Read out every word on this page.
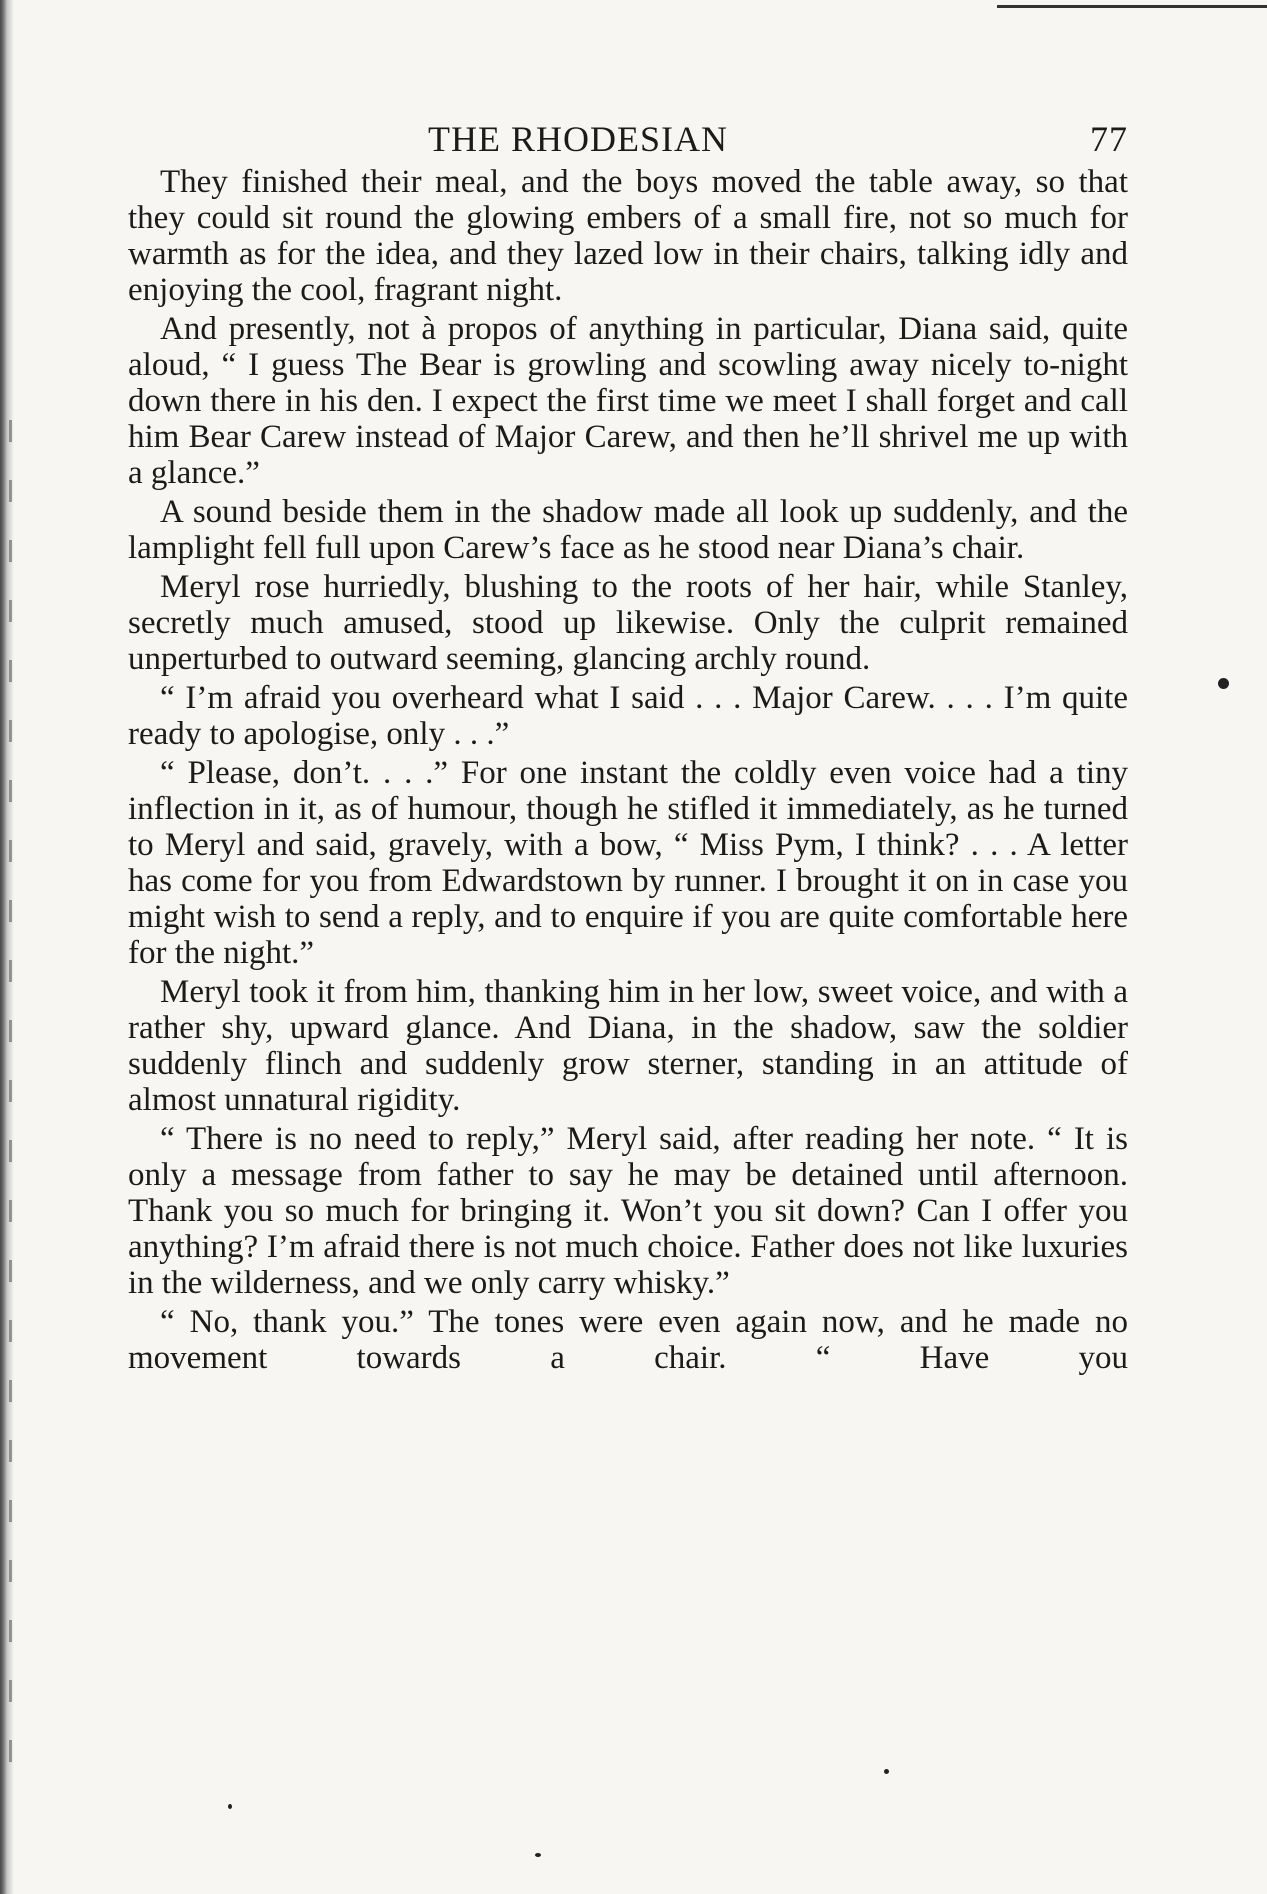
THE RHODESIAN	77

They finished their meal, and the boys moved the table away, so that they could sit round the glowing embers of a small fire, not so much for warmth as for the idea, and they lazed low in their chairs, talking idly and enjoying the cool, fragrant night.

And presently, not à propos of anything in particular, Diana said, quite aloud, “ I guess The Bear is growling and scowling away nicely to-night down there in his den. I expect the first time we meet I shall forget and call him Bear Carew instead of Major Carew, and then he’ll shrivel me up with a glance.”

A sound beside them in the shadow made all look up suddenly, and the lamplight fell full upon Carew’s face as he stood near Diana’s chair.

Meryl rose hurriedly, blushing to the roots of her hair, while Stanley, secretly much amused, stood up likewise. Only the culprit remained unperturbed to outward seeming, glancing archly round.

“ I’m afraid you overheard what I said . . . Major Carew. . . . I’m quite ready to apologise, only . . .”

“ Please, don’t. . . .” For one instant the coldly even voice had a tiny inflection in it, as of humour, though he stifled it immediately, as he turned to Meryl and said, gravely, with a bow, “ Miss Pym, I think? . . . A letter has come for you from Edwardstown by runner. I brought it on in case you might wish to send a reply, and to enquire if you are quite comfortable here for the night.”

Meryl took it from him, thanking him in her low, sweet voice, and with a rather shy, upward glance. And Diana, in the shadow, saw the soldier suddenly flinch and suddenly grow sterner, standing in an attitude of almost unnatural rigidity.

“ There is no need to reply,” Meryl said, after reading her note. “ It is only a message from father to say he may be detained until afternoon. Thank you so much for bringing it. Won’t you sit down? Can I offer you anything? I’m afraid there is not much choice. Father does not like luxuries in the wilderness, and we only carry whisky.”

“ No, thank you.” The tones were even again now, and he made no movement towards a chair. “ Have you
